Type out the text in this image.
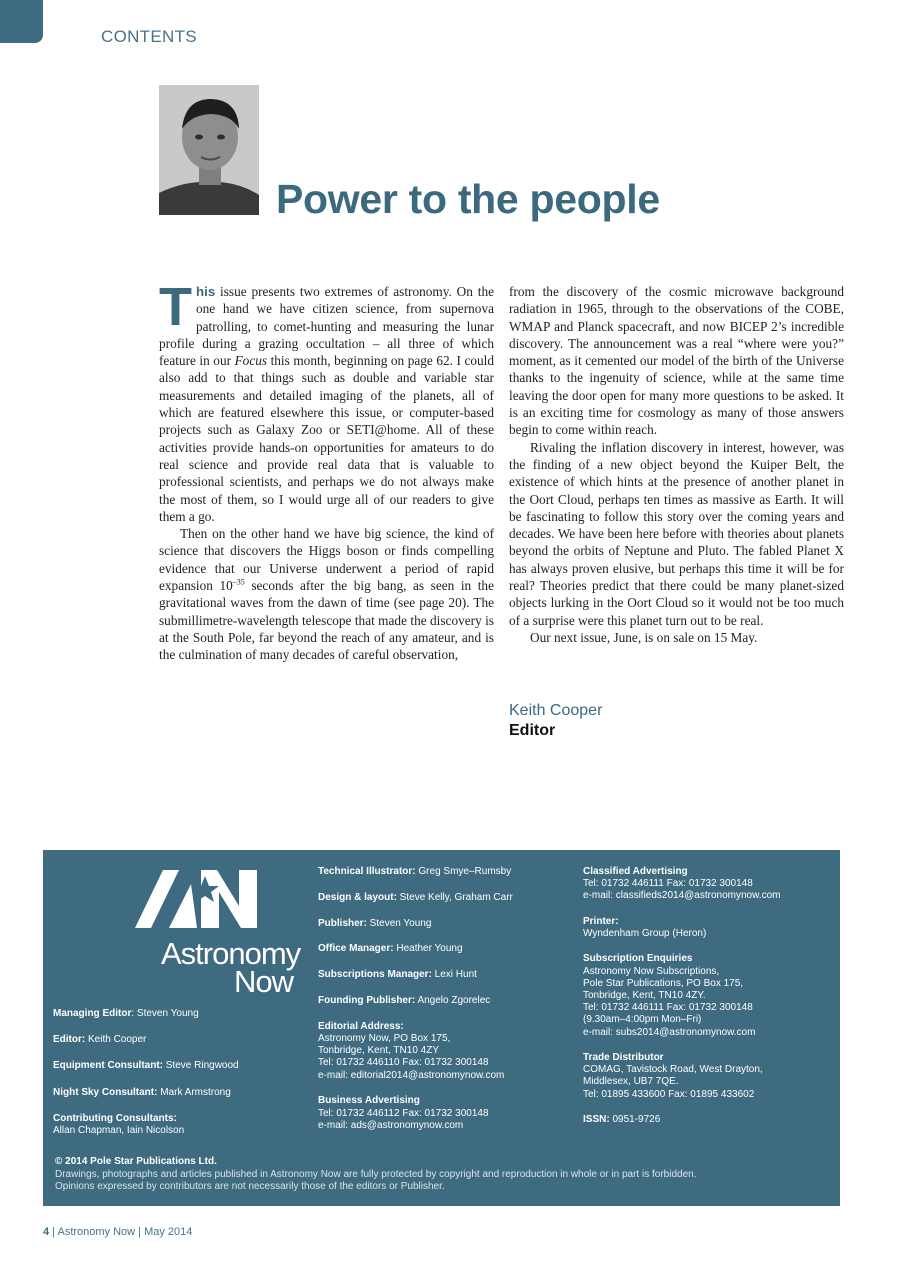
CONTENTS
Power to the people

This issue presents two extremes of astronomy. On the one hand we have citizen science, from supernova patrolling, to comet-hunting and measuring the lunar profile during a grazing occultation – all three of which feature in our Focus this month, beginning on page 62. I could also add to that things such as double and variable star measurements and detailed imaging of the planets, all of which are featured elsewhere this issue, or computer-based projects such as Galaxy Zoo or SETI@home. All of these activities provide hands-on opportunities for amateurs to do real science and provide real data that is valuable to professional scientists, and perhaps we do not always make the most of them, so I would urge all of our readers to give them a go.

Then on the other hand we have big science, the kind of science that discovers the Higgs boson or finds compelling evidence that our Universe underwent a period of rapid expansion $10^{-35}$ seconds after the big bang, as seen in the gravitational waves from the dawn of time (see page 20). The submillimetre-wavelength telescope that made the discovery is at the South Pole, far beyond the reach of any amateur, and is the culmination of many decades of careful observation,

from the discovery of the cosmic microwave background radiation in 1965, through to the observations of the COBE, WMAP and Planck spacecraft, and now BICEP 2’s incredible discovery. The announcement was a real “where were you?” moment, as it cemented our model of the birth of the Universe thanks to the ingenuity of science, while at the same time leaving the door open for many more questions to be asked. It is an exciting time for cosmology as many of those answers begin to come within reach.

Rivaling the inflation discovery in interest, however, was the finding of a new object beyond the Kuiper Belt, the existence of which hints at the presence of another planet in the Oort Cloud, perhaps ten times as massive as Earth. It will be fascinating to follow this story over the coming years and decades. We have been here before with theories about planets beyond the orbits of Neptune and Pluto. The fabled Planet X has always proven elusive, but perhaps this time it will be for real? Theories predict that there could be many planet-sized objects lurking in the Oort Cloud so it would not be too much of a surprise were this planet turn out to be real.

Our next issue, June, is on sale on 15 May.

Keith Cooper
Editor
Astronomy
Now
Managing Editor: Steven Young
Editor: Keith Cooper
Equipment Consultant: Steve Ringwood
Night Sky Consultant: Mark Armstrong
Contributing Consultants:
Allan Chapman, Iain Nicolson
Technical Illustrator: Greg Smye–Rumsby
Design & layout: Steve Kelly, Graham Carr
Publisher: Steven Young
Office Manager: Heather Young
Subscriptions Manager: Lexi Hunt
Founding Publisher: Angelo Zgorelec
Editorial Address:
Astronomy Now, PO Box 175,
Tonbridge, Kent, TN10 4ZY
Tel: 01732 446110 Fax: 01732 300148
e-mail: editorial2014@astronomynow.com
Business Advertising
Tel: 01732 446112 Fax: 01732 300148
e-mail: ads@astronomynow.com
Classified Advertising
Tel: 01732 446111 Fax: 01732 300148
e-mail: classifieds2014@astronomynow.com
Printer:
Wyndenham Group (Heron)
Subscription Enquiries
Astronomy Now Subscriptions,
Pole Star Publications, PO Box 175,
Tonbridge, Kent, TN10 4ZY.
Tel: 01732 446111 Fax: 01732 300148
(9.30am–4:00pm Mon–Fri)
e-mail: subs2014@astronomynow.com
Trade Distributor
COMAG, Tavistock Road, West Drayton,
Middlesex, UB7 7QE.
Tel: 01895 433600 Fax: 01895 433602
ISSN: 0951-9726
© 2014 Pole Star Publications Ltd.
Drawings, photographs and articles published in Astronomy Now are fully protected by copyright and reproduction in whole or in part is forbidden.
Opinions expressed by contributors are not necessarily those of the editors or Publisher.
4 | Astronomy Now | May 2014
